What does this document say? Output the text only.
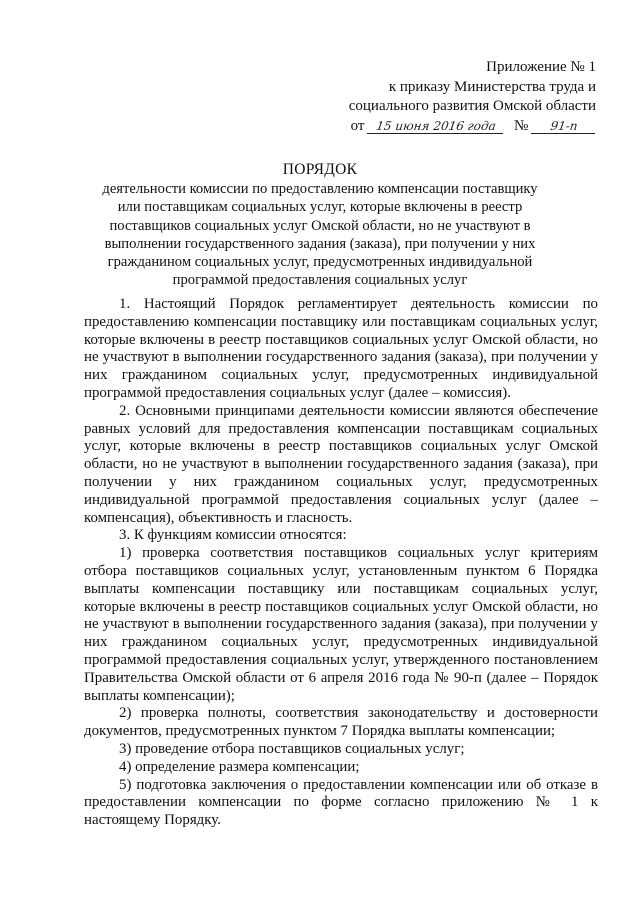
Приложение № 1
к приказу Министерства труда и
социального развития Омской области
от 15 июня 2016 года № 91-п
ПОРЯДОК
деятельности комиссии по предоставлению компенсации поставщику или поставщикам социальных услуг, которые включены в реестр поставщиков социальных услуг Омской области, но не участвуют в выполнении государственного задания (заказа), при получении у них гражданином социальных услуг, предусмотренных индивидуальной программой предоставления социальных услуг

1. Настоящий Порядок регламентирует деятельность комиссии по предоставлению компенсации поставщику или поставщикам социальных услуг, которые включены в реестр поставщиков социальных услуг Омской области, но не участвуют в выполнении государственного задания (заказа), при получении у них гражданином социальных услуг, предусмотренных индивидуальной программой предоставления социальных услуг (далее – комиссия).

2. Основными принципами деятельности комиссии являются обеспечение равных условий для предоставления компенсации поставщикам социальных услуг, которые включены в реестр поставщиков социальных услуг Омской области, но не участвуют в выполнении государственного задания (заказа), при получении у них гражданином социальных услуг, предусмотренных индивидуальной программой предоставления социальных услуг (далее – компенсация), объективность и гласность.

3. К функциям комиссии относятся:

1) проверка соответствия поставщиков социальных услуг критериям отбора поставщиков социальных услуг, установленным пунктом 6 Порядка выплаты компенсации поставщику или поставщикам социальных услуг, которые включены в реестр поставщиков социальных услуг Омской области, но не участвуют в выполнении государственного задания (заказа), при получении у них гражданином социальных услуг, предусмотренных индивидуальной программой предоставления социальных услуг, утвержденного постановлением Правительства Омской области от 6 апреля 2016 года № 90-п (далее – Порядок выплаты компенсации);

2) проверка полноты, соответствия законодательству и достоверности документов, предусмотренных пунктом 7 Порядка выплаты компенсации;

3) проведение отбора поставщиков социальных услуг;

4) определение размера компенсации;

5) подготовка заключения о предоставлении компенсации или об отказе в предоставлении компенсации по форме согласно приложению № 1 к настоящему Порядку.
